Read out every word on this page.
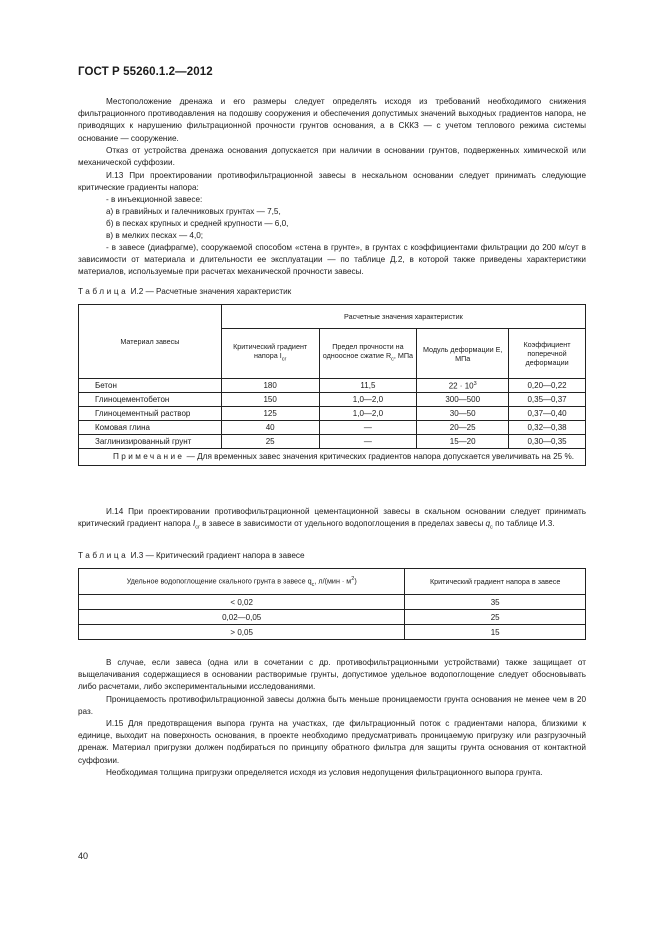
ГОСТ Р 55260.1.2—2012

Местоположение дренажа и его размеры следует определять исходя из требований необходимого снижения фильтрационного противодавления на подошву сооружения и обеспечения допустимых значений выходных градиентов напора, не приводящих к нарушению фильтрационной прочности грунтов основания, а в СККЗ — с учетом теплового режима системы основание — сооружение.

Отказ от устройства дренажа основания допускается при наличии в основании грунтов, подверженных химической или механической суффозии.

И.13 При проектировании противофильтрационной завесы в нескальном основании следует принимать следующие критические градиенты напора:

- в инъекционной завесе:

а) в гравийных и галечниковых грунтах — 7,5,

б) в песках крупных и средней крупности — 6,0,

в) в мелких песках — 4,0;

- в завесе (диафрагме), сооружаемой способом «стена в грунте», в грунтах с коэффициентами фильтрации до 200 м/сут в зависимости от материала и длительности ее эксплуатации — по таблице Д.2, в которой также приведены характеристики материалов, используемые при расчетах механической прочности завесы.

Таблица И.2 — Расчетные значения характеристик
Материал завесы	Расчетные значения характеристик			
	Критический градиент напора $I_{cr}$	Предел прочности на одноосное сжатие $R_c$, МПа	Модуль деформации E, МПа	Коэффициент поперечной деформации
Бетон	180	11,5	$22 \cdot 10^3$	0,20—0,22
Глиноцементобетон	150	1,0—2,0	300—500	0,35—0,37
Глиноцементный раствор	125	1,0—2,0	30—50	0,37—0,40
Комовая глина	40	—	20—25	0,32—0,38
Заглинизированный грунт	25	—	15—20	0,30—0,35
Примечание — Для временных завес значения критических градиентов напора допускается увеличивать на 25 %.				

И.14 При проектировании противофильтрационной цементационной завесы в скальном основании следует принимать критический градиент напора $I_{cr}$ в завесе в зависимости от удельного водопоглощения в пределах завесы $q_c$ по таблице И.3.

Таблица И.3 — Критический градиент напора в завесе
Удельное водопоглощение скального грунта в завесе $q_c$, $л/(мин \cdot м^2)$	Критический градиент напора в завесе
< 0,02	35
0,02—0,05	25
> 0,05	15

В случае, если завеса (одна или в сочетании с др. противофильтрационными устройствами) также защищает от выщелачивания содержащиеся в основании растворимые грунты, допустимое удельное водопоглощение следует обосновывать либо расчетами, либо экспериментальными исследованиями.

Проницаемость противофильтрационной завесы должна быть меньше проницаемости грунта основания не менее чем в 20 раз.

И.15 Для предотвращения выпора грунта на участках, где фильтрационный поток с градиентами напора, близкими к единице, выходит на поверхность основания, в проекте необходимо предусматривать проницаемую пригрузку или разгрузочный дренаж. Материал пригрузки должен подбираться по принципу обратного фильтра для защиты грунта основания от контактной суффозии.

Необходимая толщина пригрузки определяется исходя из условия недопущения фильтрационного выпора грунта.

40
